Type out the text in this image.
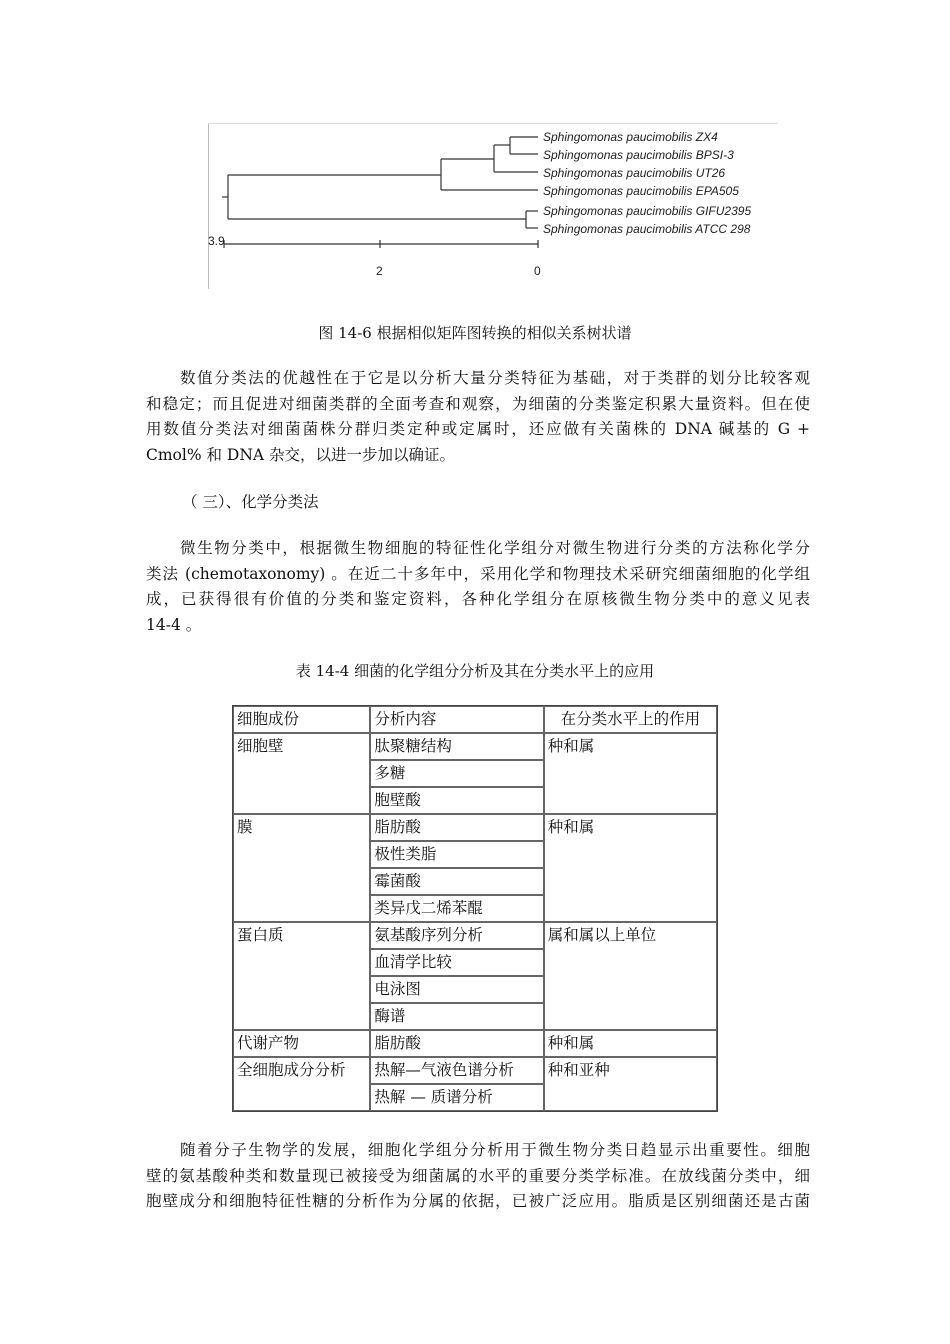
Sphingomonas paucimobilis ZX4
Sphingomonas paucimobilis BPSI-3
Sphingomonas paucimobilis UT26
Sphingomonas paucimobilis EPA505
Sphingomonas paucimobilis GIFU2395
Sphingomonas paucimobilis ATCC 298
3.9
2	0
图 14-6 根据相似矩阵图转换的相似关系树状谱

数值分类法的优越性在于它是以分析大量分类特征为基础，对于类群的划分比较客观
和稳定；而且促进对细菌类群的全面考查和观察，为细菌的分类鉴定积累大量资料。但在使
用数值分类法对细菌菌株分群归类定种或定属时，还应做有关菌株的 DNA 碱基的 G +
Cmol% 和 DNA 杂交，以进一步加以确证。

（ 三）、化学分类法

微生物分类中，根据微生物细胞的特征性化学组分对微生物进行分类的方法称化学分
类法 (chemotaxonomy) 。在近二十多年中，采用化学和物理技术采研究细菌细胞的化学组
成，已获得很有价值的分类和鉴定资料，各种化学组分在原核微生物分类中的意义见表
14-4 。

表 14-4 细菌的化学组分分析及其在分类水平上的应用
细胞成份	分析内容	在分类水平上的作用
细胞壁	肽聚糖结构	种和属
	多糖	
	胞壁酸	
膜	脂肪酸	种和属
	极性类脂	
	霉菌酸	
	类异戊二烯苯醌	
蛋白质	氨基酸序列分析	属和属以上单位
	血清学比较	
	电泳图	
	酶谱	
代谢产物	脂肪酸	种和属
全细胞成分分析	热解—气液色谱分析	种和亚种
	热解 — 质谱分析	

随着分子生物学的发展，细胞化学组分分析用于微生物分类日趋显示出重要性。细胞
壁的氨基酸种类和数量现已被接受为细菌属的水平的重要分类学标准。在放线菌分类中，细
胞壁成分和细胞特征性糖的分析作为分属的依据，已被广泛应用。脂质是区别细菌还是古菌
